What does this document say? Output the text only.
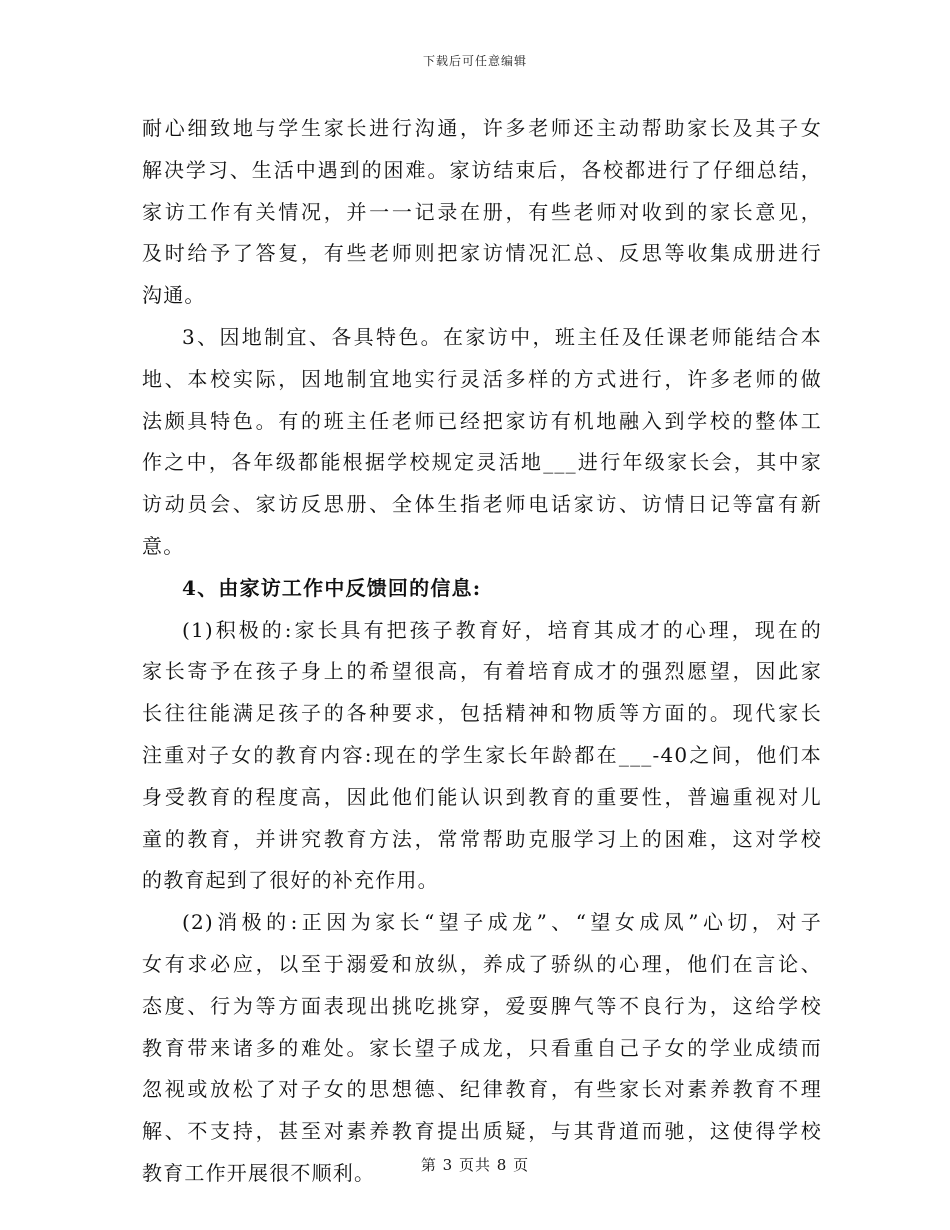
下载后可任意编辑
耐心细致地与学生家长进行沟通，许多老师还主动帮助家长及其子女
解决学习、生活中遇到的困难。家访结束后，各校都进行了仔细总结，
家访工作有关情况，并一一记录在册，有些老师对收到的家长意见，
及时给予了答复，有些老师则把家访情况汇总、反思等收集成册进行
沟通。
3、因地制宜、各具特色。在家访中，班主任及任课老师能结合本
地、本校实际，因地制宜地实行灵活多样的方式进行，许多老师的做
法颇具特色。有的班主任老师已经把家访有机地融入到学校的整体工
作之中，各年级都能根据学校规定灵活地___进行年级家长会，其中家
访动员会、家访反思册、全体生指老师电话家访、访情日记等富有新
意。
4、由家访工作中反馈回的信息:
(1)积极的:家长具有把孩子教育好，培育其成才的心理，现在的
家长寄予在孩子身上的希望很高，有着培育成才的强烈愿望，因此家
长往往能满足孩子的各种要求，包括精神和物质等方面的。现代家长
注重对子女的教育内容:现在的学生家长年龄都在___-40之间，他们本
身受教育的程度高，因此他们能认识到教育的重要性，普遍重视对儿
童的教育，并讲究教育方法，常常帮助克服学习上的困难，这对学校
的教育起到了很好的补充作用。
(2)消极的:正因为家长“望子成龙”、“望女成凤”心切，对子
女有求必应，以至于溺爱和放纵，养成了骄纵的心理，他们在言论、
态度、行为等方面表现出挑吃挑穿，爱耍脾气等不良行为，这给学校
教育带来诸多的难处。家长望子成龙，只看重自己子女的学业成绩而
忽视或放松了对子女的思想德、纪律教育，有些家长对素养教育不理
解、不支持，甚至对素养教育提出质疑，与其背道而驰，这使得学校
教育工作开展很不顺利。	第 3 页共 8 页
